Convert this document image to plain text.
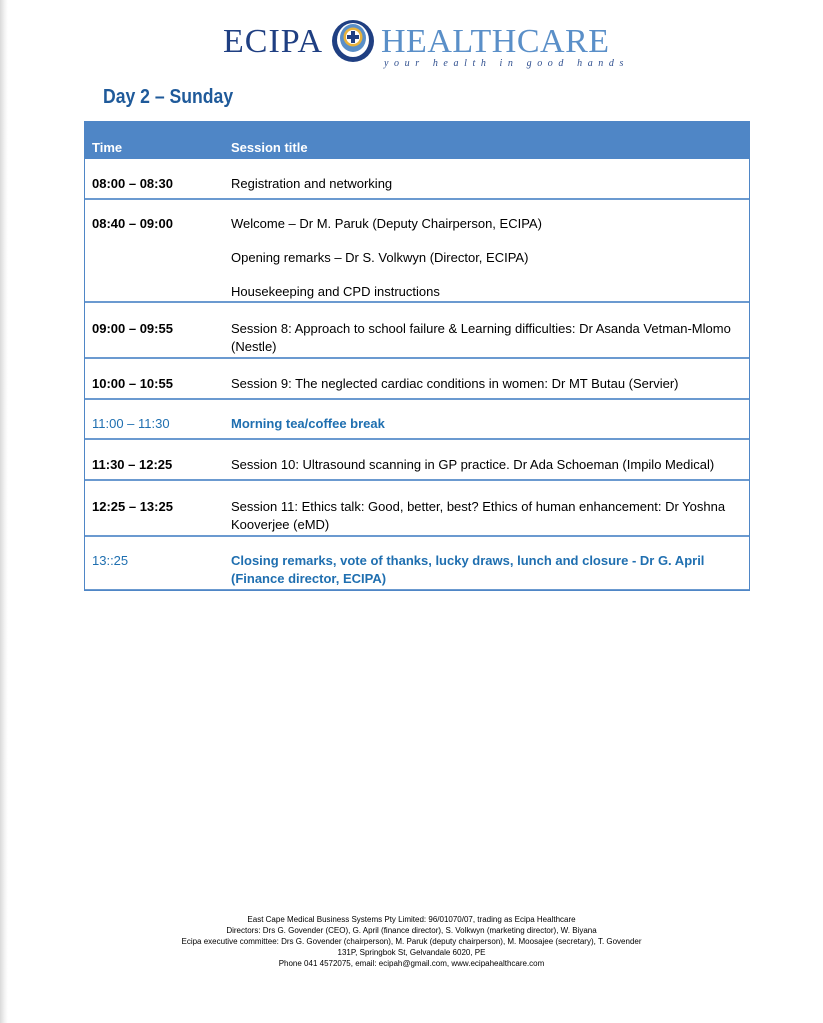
ECIPA HEALTHCARE
your health in good hands
Day 2 – Sunday
Time	Session title
08:00 – 08:30	Registration and networking
08:40 – 09:00	Welcome – Dr M. Paruk (Deputy Chairperson, ECIPA)
Opening remarks – Dr S. Volkwyn (Director, ECIPA)
Housekeeping and CPD instructions
09:00 – 09:55	Session 8: Approach to school failure & Learning difficulties: Dr Asanda Vetman-Mlomo (Nestle)
10:00 – 10:55	Session 9: The neglected cardiac conditions in women: Dr MT Butau (Servier)
11:00 – 11:30	Morning tea/coffee break
11:30 – 12:25	Session 10: Ultrasound scanning in GP practice. Dr Ada Schoeman (Impilo Medical)
12:25 – 13:25	Session 11: Ethics talk: Good, better, best? Ethics of human enhancement: Dr Yoshna Kooverjee (eMD)
13::25	Closing remarks, vote of thanks, lucky draws, lunch and closure - Dr G. April (Finance director, ECIPA)
East Cape Medical Business Systems Pty Limited: 96/01070/07, trading as Ecipa Healthcare
Directors: Drs G. Govender (CEO), G. April (finance director), S. Volkwyn (marketing director), W. Biyana
Ecipa executive committee: Drs G. Govender (chairperson), M. Paruk (deputy chairperson), M. Moosajee (secretary), T. Govender
131P, Springbok St, Gelvandale 6020, PE
Phone 041 4572075, email: ecipah@gmail.com, www.ecipahealthcare.com
